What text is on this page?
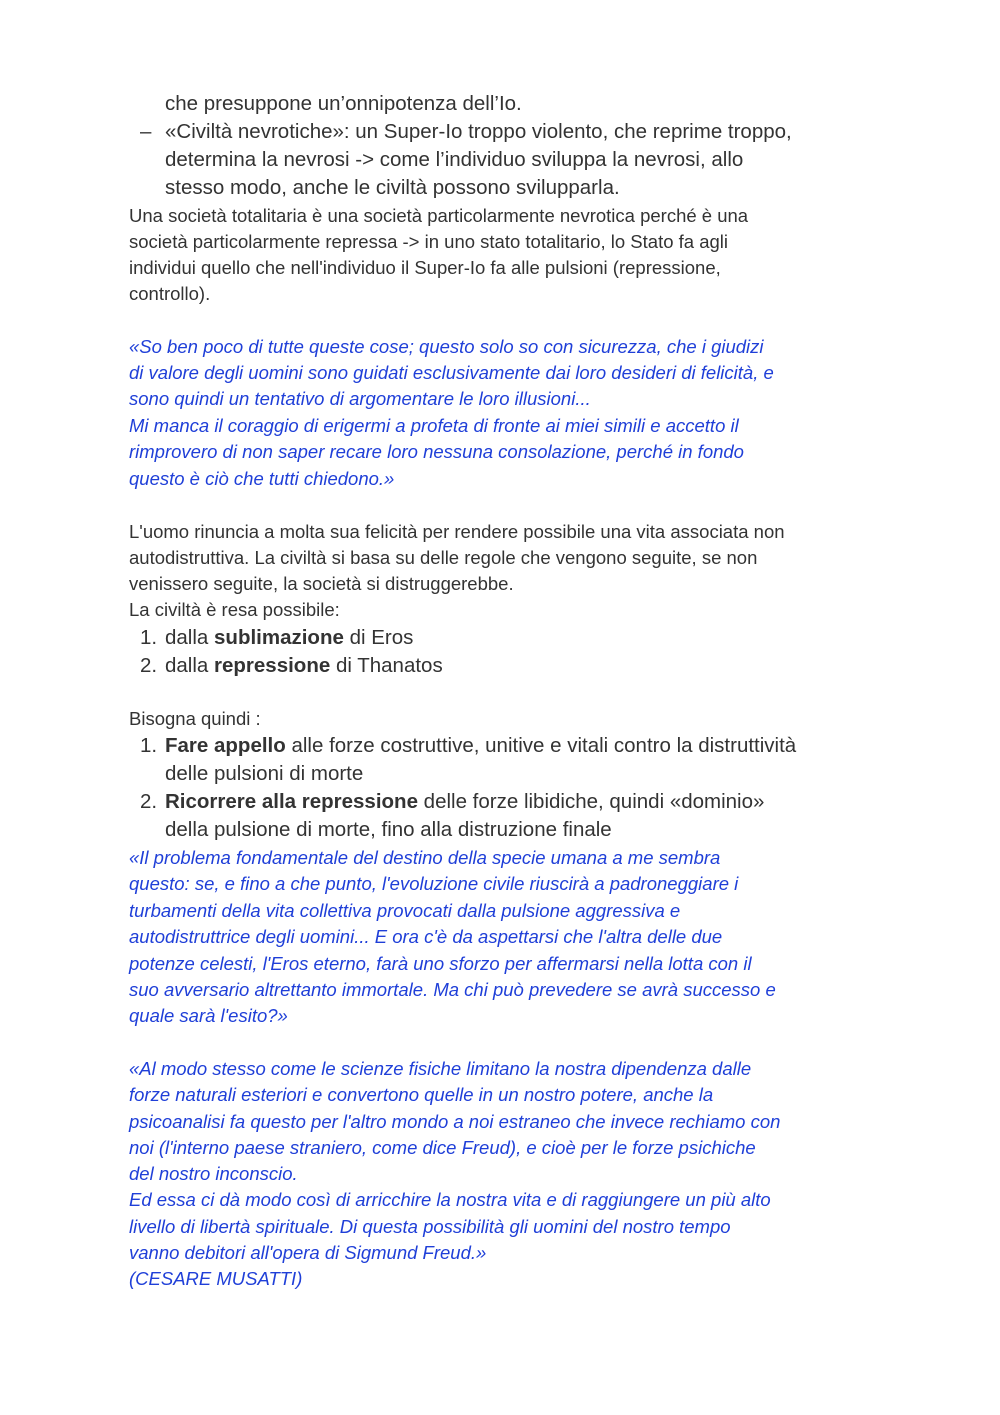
che presuppone un’onnipotenza dell’Io.
– «Civiltà nevrotiche»: un Super-Io troppo violento, che reprime troppo,
determina la nevrosi -> come l’individuo sviluppa la nevrosi, allo
stesso modo, anche le civiltà possono svilupparla.
Una società totalitaria è una società particolarmente nevrotica perché è una
società particolarmente repressa -> in uno stato totalitario, lo Stato fa agli
individui quello che nell'individuo il Super-Io fa alle pulsioni (repressione,
controllo).
«So ben poco di tutte queste cose; questo solo so con sicurezza, che i giudizi
di valore degli uomini sono guidati esclusivamente dai loro desideri di felicità, e
sono quindi un tentativo di argomentare le loro illusioni...
Mi manca il coraggio di erigermi a profeta di fronte ai miei simili e accetto il
rimprovero di non saper recare loro nessuna consolazione, perché in fondo
questo è ciò che tutti chiedono.»
L'uomo rinuncia a molta sua felicità per rendere possibile una vita associata non
autodistruttiva. La civiltà si basa su delle regole che vengono seguite, se non
venissero seguite, la società si distruggerebbe.
La civiltà è resa possibile:
1. dalla sublimazione di Eros
2. dalla repressione di Thanatos
Bisogna quindi :
1. Fare appello alle forze costruttive, unitive e vitali contro la distruttività
delle pulsioni di morte
2. Ricorrere alla repressione delle forze libidiche, quindi «dominio»
della pulsione di morte, fino alla distruzione finale
«Il problema fondamentale del destino della specie umana a me sembra
questo: se, e fino a che punto, l'evoluzione civile riuscirà a padroneggiare i
turbamenti della vita collettiva provocati dalla pulsione aggressiva e
autodistruttrice degli uomini... E ora c'è da aspettarsi che l'altra delle due
potenze celesti, l'Eros eterno, farà uno sforzo per affermarsi nella lotta con il
suo avversario altrettanto immortale. Ma chi può prevedere se avrà successo e
quale sarà l'esito?»
«Al modo stesso come le scienze fisiche limitano la nostra dipendenza dalle
forze naturali esteriori e convertono quelle in un nostro potere, anche la
psicoanalisi fa questo per l'altro mondo a noi estraneo che invece rechiamo con
noi (l'interno paese straniero, come dice Freud), e cioè per le forze psichiche
del nostro inconscio.
Ed essa ci dà modo così di arricchire la nostra vita e di raggiungere un più alto
livello di libertà spirituale. Di questa possibilità gli uomini del nostro tempo
vanno debitori all'opera di Sigmund Freud.»
(CESARE MUSATTI)
